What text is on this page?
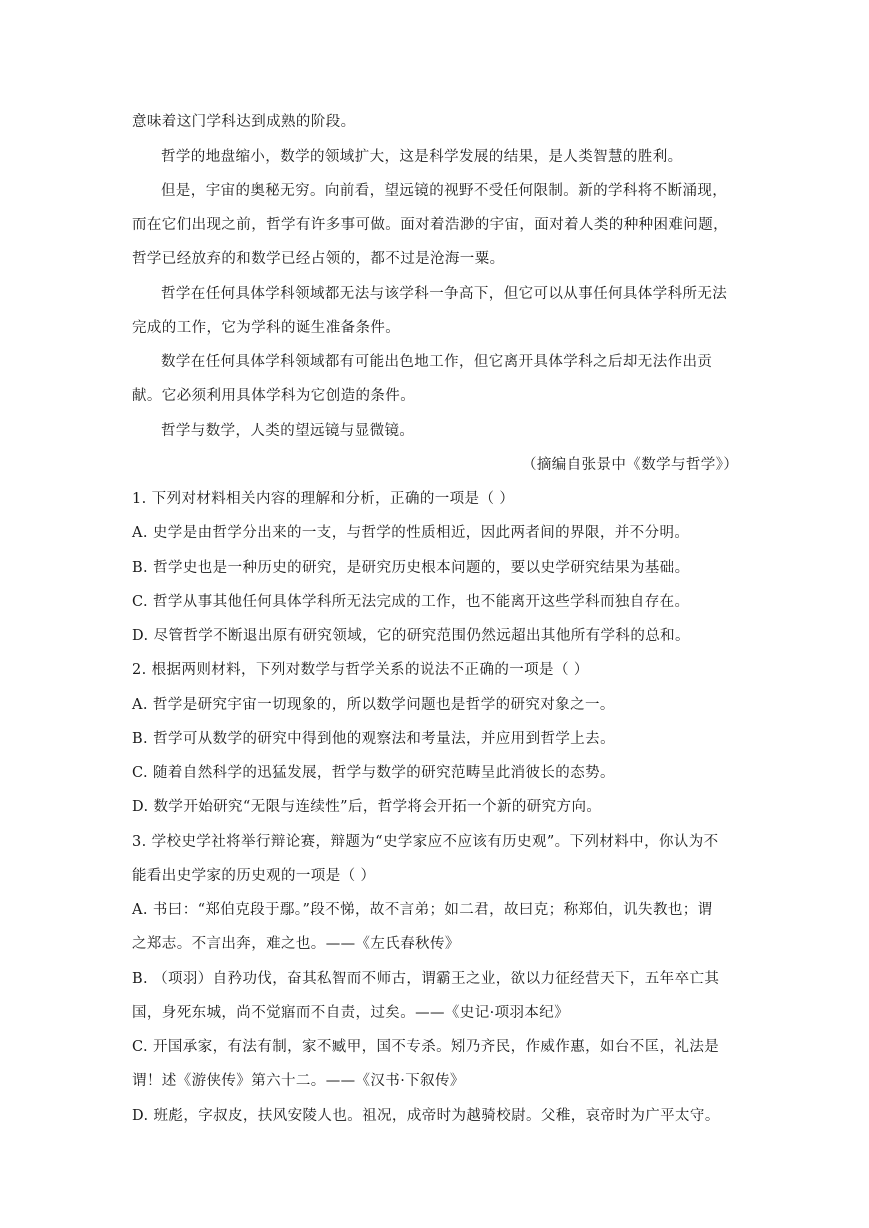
意味着这门学科达到成熟的阶段。
哲学的地盘缩小，数学的领域扩大，这是科学发展的结果，是人类智慧的胜利。
但是，宇宙的奥秘无穷。向前看，望远镜的视野不受任何限制。新的学科将不断涌现，
而在它们出现之前，哲学有许多事可做。面对着浩渺的宇宙，面对着人类的种种困难问题，
哲学已经放弃的和数学已经占领的，都不过是沧海一粟。
哲学在任何具体学科领域都无法与该学科一争高下，但它可以从事任何具体学科所无法
完成的工作，它为学科的诞生准备条件。
数学在任何具体学科领域都有可能出色地工作，但它离开具体学科之后却无法作出贡
献。它必须利用具体学科为它创造的条件。
哲学与数学，人类的望远镜与显微镜。
（摘编自张景中《数学与哲学》）
1. 下列对材料相关内容的理解和分析，正确的一项是（ ）
A. 史学是由哲学分出来的一支，与哲学的性质相近，因此两者间的界限，并不分明。
B. 哲学史也是一种历史的研究，是研究历史根本问题的，要以史学研究结果为基础。
C. 哲学从事其他任何具体学科所无法完成的工作，也不能离开这些学科而独自存在。
D. 尽管哲学不断退出原有研究领域，它的研究范围仍然远超出其他所有学科的总和。
2. 根据两则材料，下列对数学与哲学关系的说法不正确的一项是（ ）
A. 哲学是研究宇宙一切现象的，所以数学问题也是哲学的研究对象之一。
B. 哲学可从数学的研究中得到他的观察法和考量法，并应用到哲学上去。
C. 随着自然科学的迅猛发展，哲学与数学的研究范畴呈此消彼长的态势。
D. 数学开始研究“无限与连续性”后，哲学将会开拓一个新的研究方向。
3. 学校史学社将举行辩论赛，辩题为“史学家应不应该有历史观”。下列材料中，你认为不
能看出史学家的历史观的一项是（ ）
A. 书曰：“郑伯克段于鄢。”段不悌，故不言弟；如二君，故曰克；称郑伯，讥失教也；谓
之郑志。不言出奔，难之也。——《左氏春秋传》
B. （项羽）自矜功伐，奋其私智而不师古，谓霸王之业，欲以力征经营天下，五年卒亡其
国，身死东城，尚不觉寤而不自责，过矣。——《史记·项羽本纪》
C. 开国承家，有法有制，家不臧甲，国不专杀。矧乃齐民，作威作惠，如台不匡，礼法是
谓！述《游侠传》第六十二。——《汉书·下叙传》
D. 班彪，字叔皮，扶风安陵人也。祖况，成帝时为越骑校尉。父稚，哀帝时为广平太守。
